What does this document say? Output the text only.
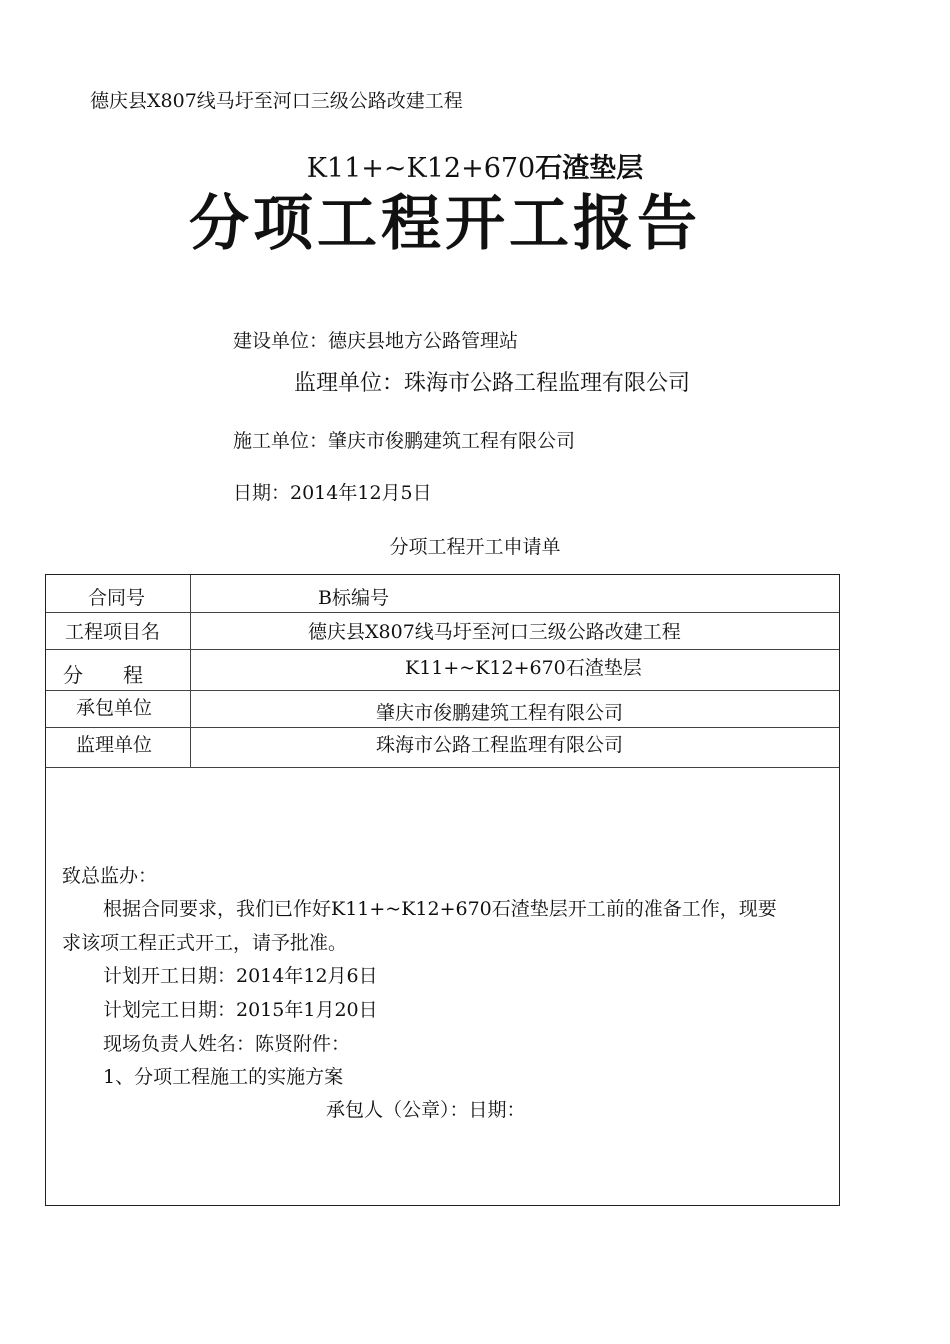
德庆县X807线马圩至河口三级公路改建工程
K11+~K12+670石渣垫层
分项工程开工报告
建设单位：德庆县地方公路管理站
监理单位：珠海市公路工程监理有限公司
施工单位：肇庆市俊鹏建筑工程有限公司
日期：2014年12月5日
分项工程开工申请单
合同号	B标编号
工程项目名	德庆县X807线马圩至河口三级公路改建工程
分　　程	K11+~K12+670石渣垫层
承包单位	肇庆市俊鹏建筑工程有限公司
监理单位	珠海市公路工程监理有限公司
致总监办：
根据合同要求，我们已作好K11+~K12+670石渣垫层开工前的准备工作，现要
求该项工程正式开工，请予批准。
计划开工日期：2014年12月6日
计划完工日期：2015年1月20日
现场负责人姓名：陈贤附件：
1、分项工程施工的实施方案
承包人（公章）：日期：
